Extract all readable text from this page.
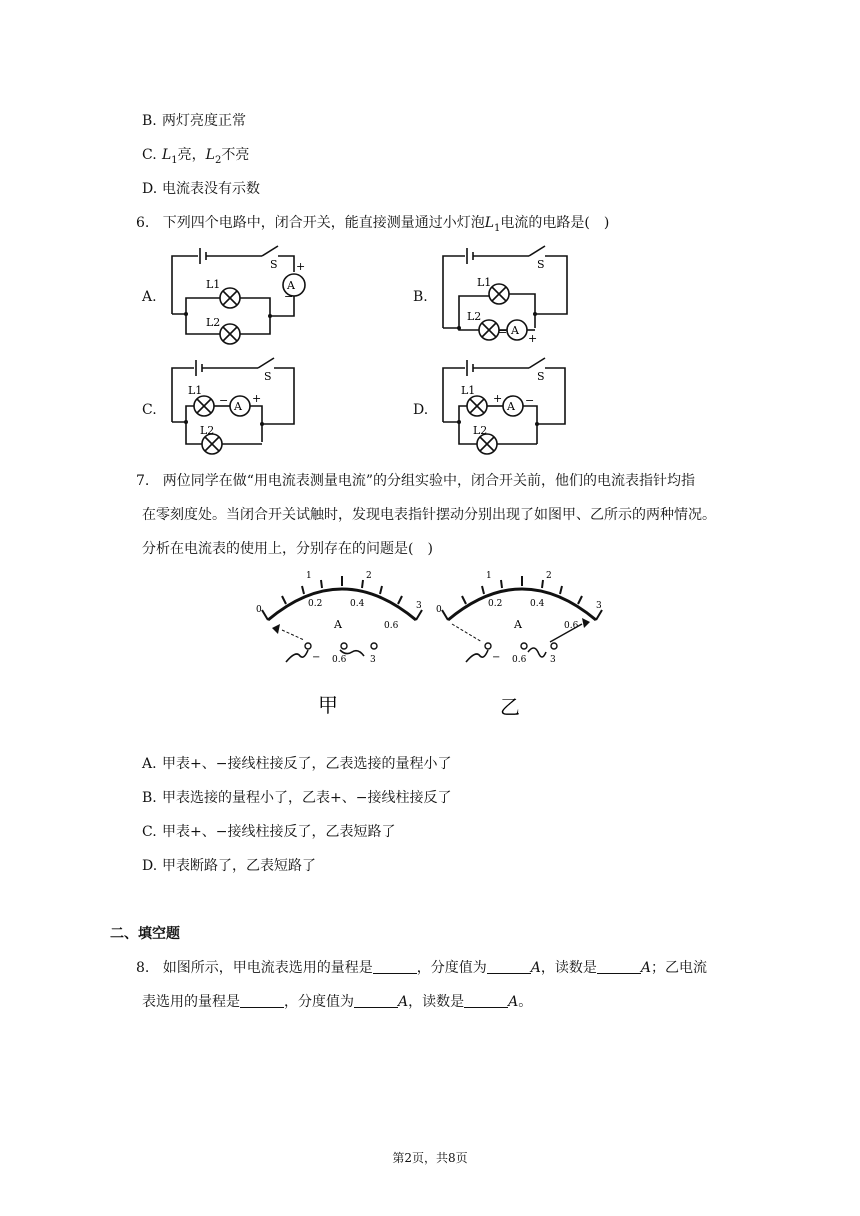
B. 两灯亮度正常
C. $L_1$亮，$L_2$不亮
D. 电流表没有示数
6. 下列四个电路中，闭合开关，能直接测量通过小灯泡$L_1$电流的电路是(　)
A.
A
S +
−
L1
L2
B.
A
S
+
=
L1
L2
C.	A
S
+
−
L1
L2
D.	A
S
+ −
L1
L2
7. 两位同学在做“用电流表测量电流”的分组实验中，闭合开关前，他们的电流表指针均指
在零刻度处。当闭合开关试触时，发现电表指针摆动分别出现了如图甲、乙所示的两种情况。
分析在电流表的使用上，分别存在的问题是(　)
0
1	2
3
0.2	0.4
0.6
A
− 0.6	3
甲
0
1	2
3
0.2	0.4
0.6
A
− 0.6	3
乙
A. 甲表+、−接线柱接反了，乙表选接的量程小了
B. 甲表选接的量程小了，乙表+、−接线柱接反了
C. 甲表+、−接线柱接反了，乙表短路了
D. 甲表断路了，乙表短路了
二、填空题
8. 如图所示，甲电流表选用的量程是	，分度值为	A，读数是	A；乙电流
表选用的量程是	，分度值为	A，读数是	A。
第2页，共8页
